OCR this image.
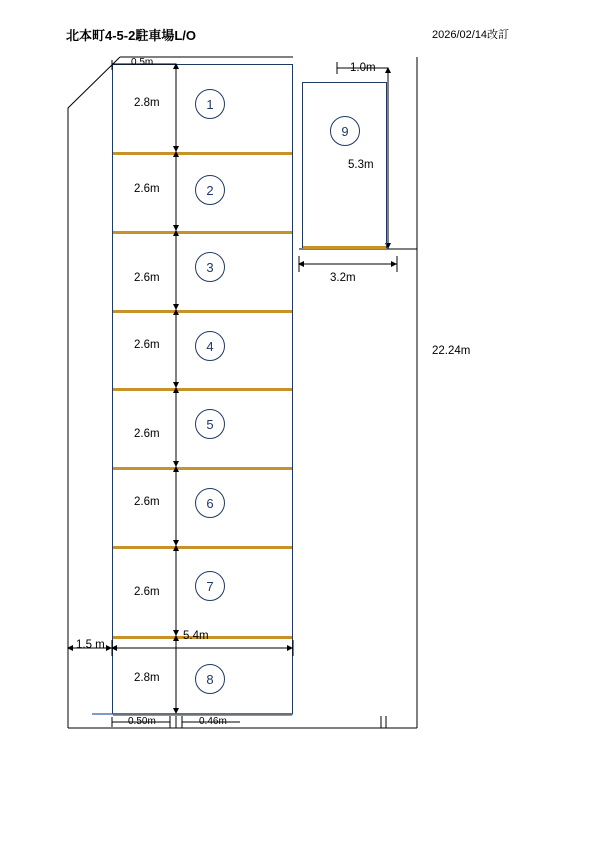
北本町4-5-2駐車場L/O	2026/02/14改訂
1
2
3
4
5
6
7
8
2.8m
2.6m
2.6m
2.6m
2.6m
2.6m
2.6m
2.8m
0.5m
5.4m
1.5 m
0.50m	0.46m
9
5.3m
1.0m
3.2m
22.24m
